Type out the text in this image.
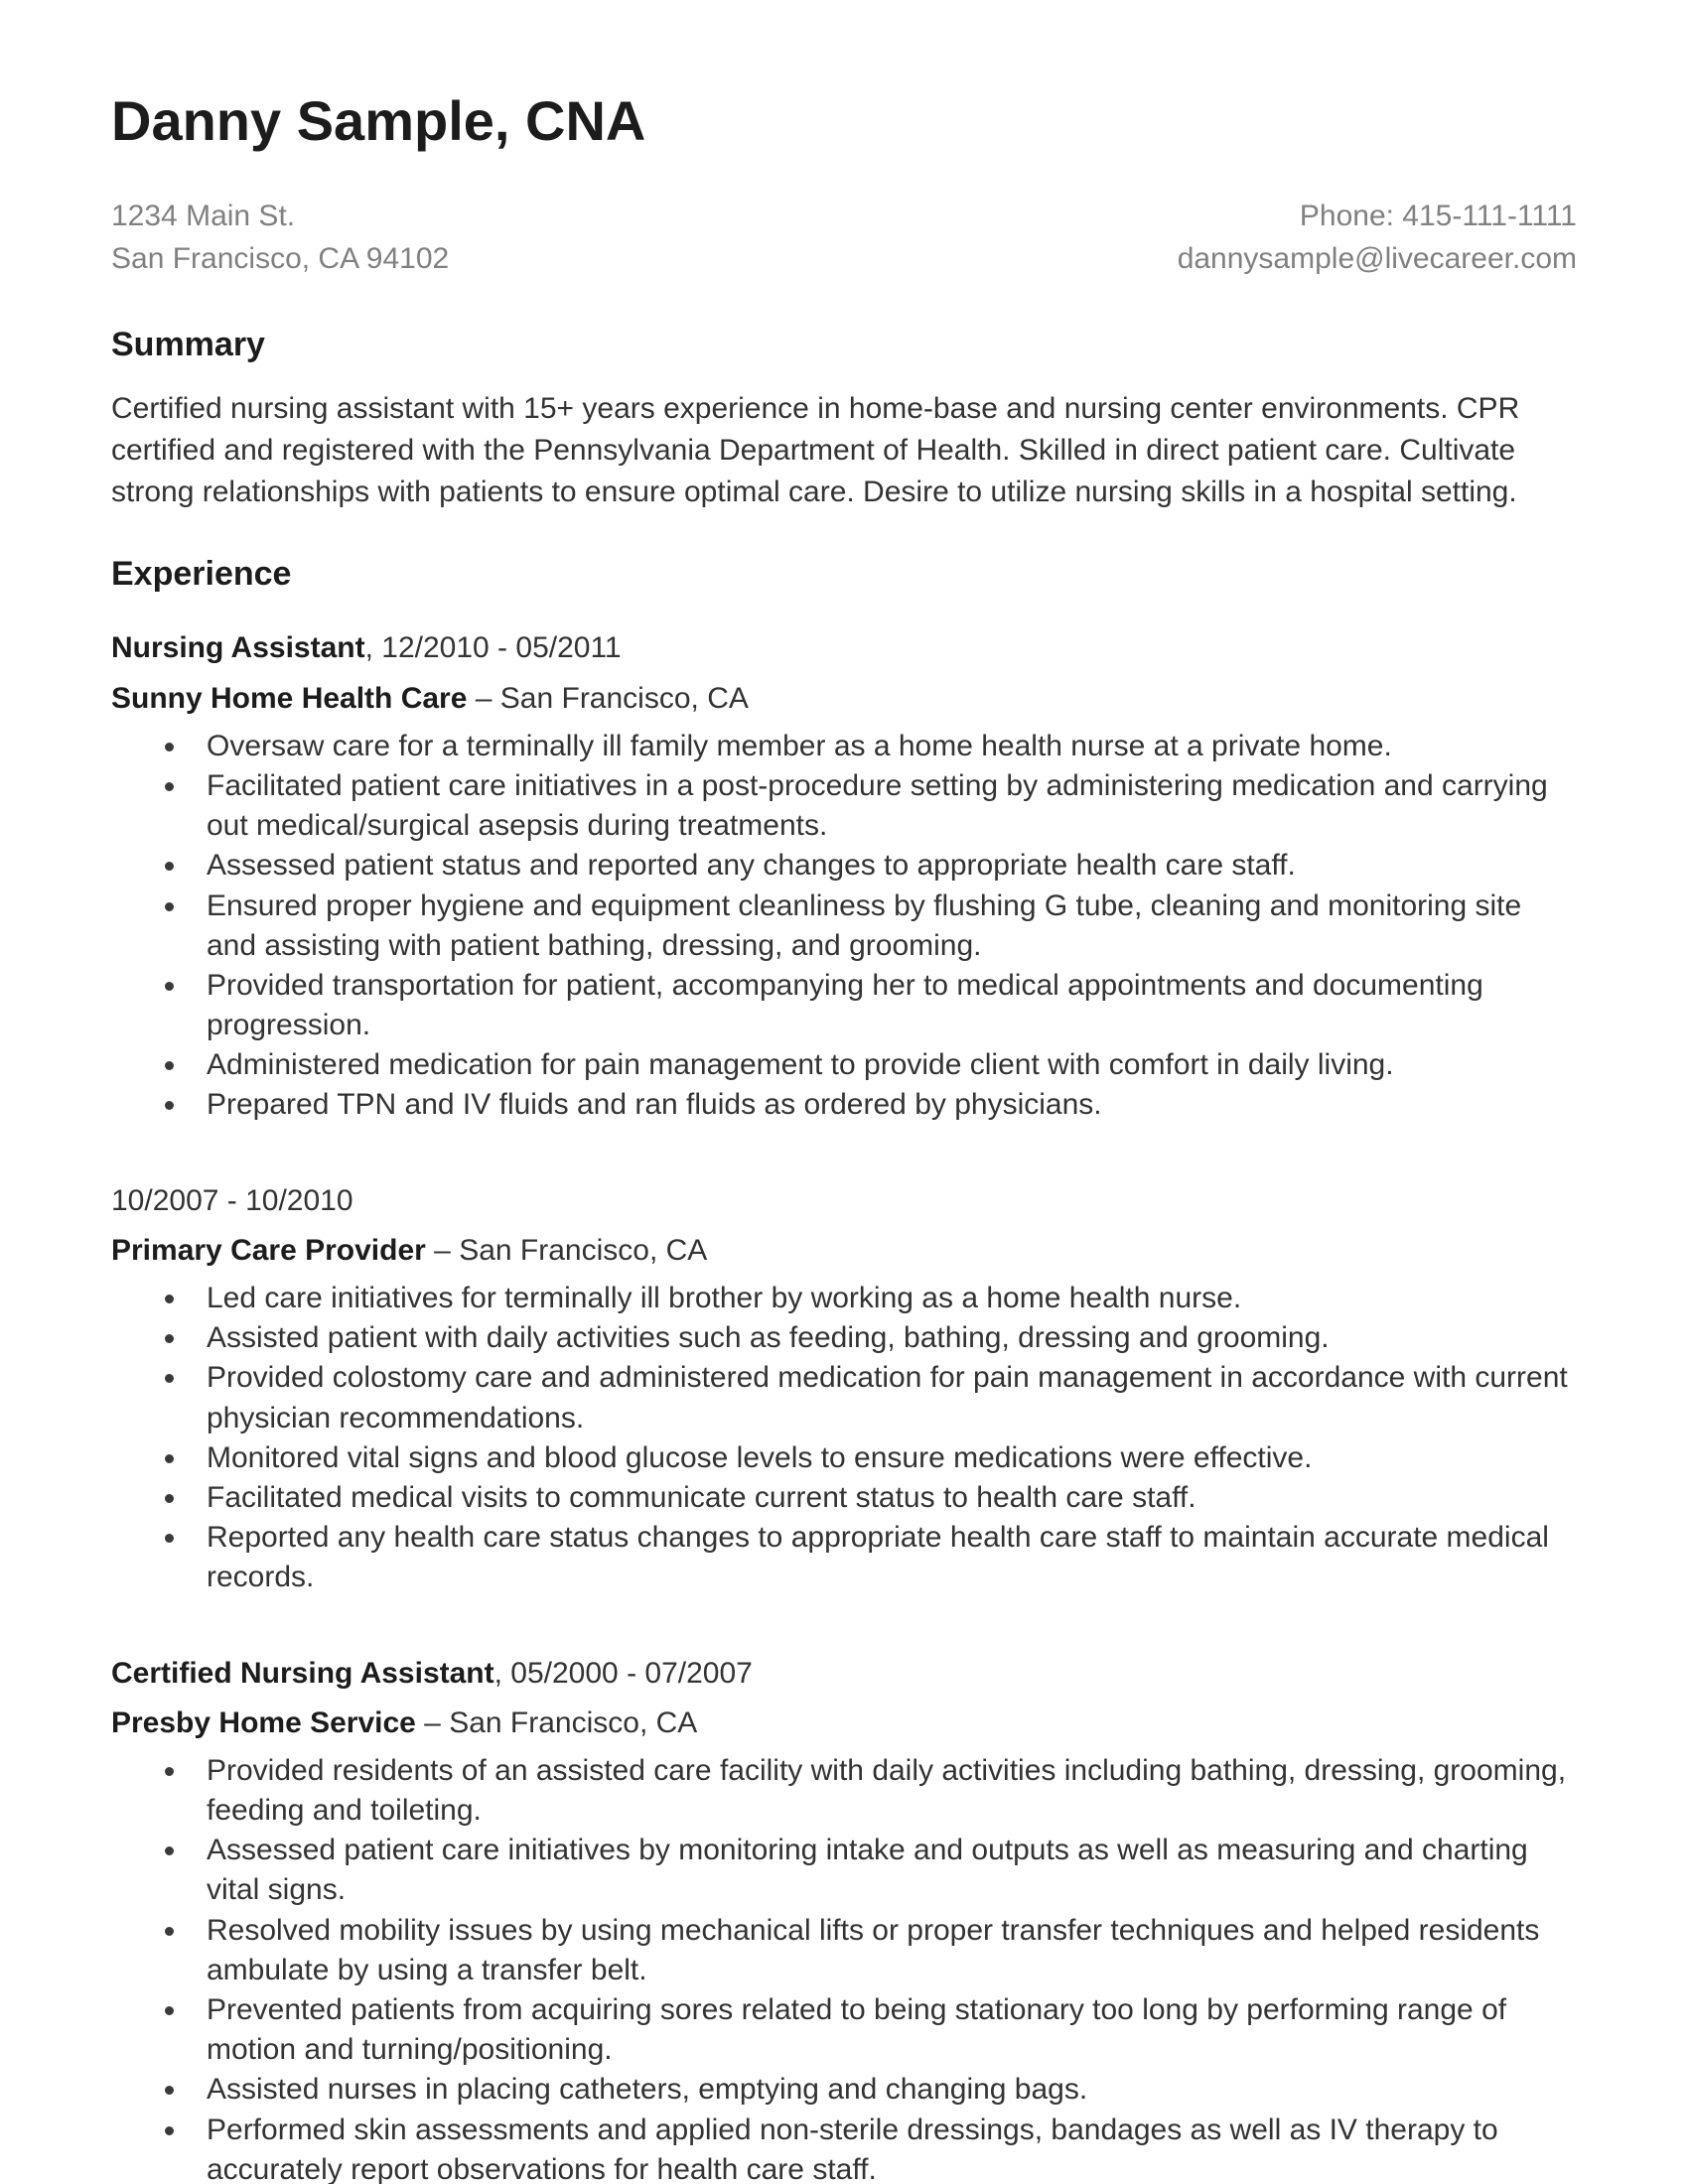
Danny Sample, CNA
1234 Main St.
San Francisco, CA 94102
Phone: 415-111-1111
dannysample@livecareer.com
Summary

Certified nursing assistant with 15+ years experience in home-base and nursing center environments. CPR certified and registered with the Pennsylvania Department of Health. Skilled in direct patient care. Cultivate strong relationships with patients to ensure optimal care. Desire to utilize nursing skills in a hospital setting.

Experience

Nursing Assistant, 12/2010 - 05/2011

Sunny Home Health Care – San Francisco, CA

Oversaw care for a terminally ill family member as a home health nurse at a private home.
Facilitated patient care initiatives in a post-procedure setting by administering medication and carrying out medical/surgical asepsis during treatments.
Assessed patient status and reported any changes to appropriate health care staff.
Ensured proper hygiene and equipment cleanliness by flushing G tube, cleaning and monitoring site and assisting with patient bathing, dressing, and grooming.
Provided transportation for patient, accompanying her to medical appointments and documenting progression.
Administered medication for pain management to provide client with comfort in daily living.
Prepared TPN and IV fluids and ran fluids as ordered by physicians.

10/2007 - 10/2010

Primary Care Provider – San Francisco, CA

Led care initiatives for terminally ill brother by working as a home health nurse.
Assisted patient with daily activities such as feeding, bathing, dressing and grooming.
Provided colostomy care and administered medication for pain management in accordance with current physician recommendations.
Monitored vital signs and blood glucose levels to ensure medications were effective.
Facilitated medical visits to communicate current status to health care staff.
Reported any health care status changes to appropriate health care staff to maintain accurate medical records.

Certified Nursing Assistant, 05/2000 - 07/2007

Presby Home Service – San Francisco, CA

Provided residents of an assisted care facility with daily activities including bathing, dressing, grooming, feeding and toileting.
Assessed patient care initiatives by monitoring intake and outputs as well as measuring and charting vital signs.
Resolved mobility issues by using mechanical lifts or proper transfer techniques and helped residents ambulate by using a transfer belt.
Prevented patients from acquiring sores related to being stationary too long by performing range of motion and turning/positioning.
Assisted nurses in placing catheters, emptying and changing bags.
Performed skin assessments and applied non-sterile dressings, bandages as well as IV therapy to accurately report observations for health care staff.
